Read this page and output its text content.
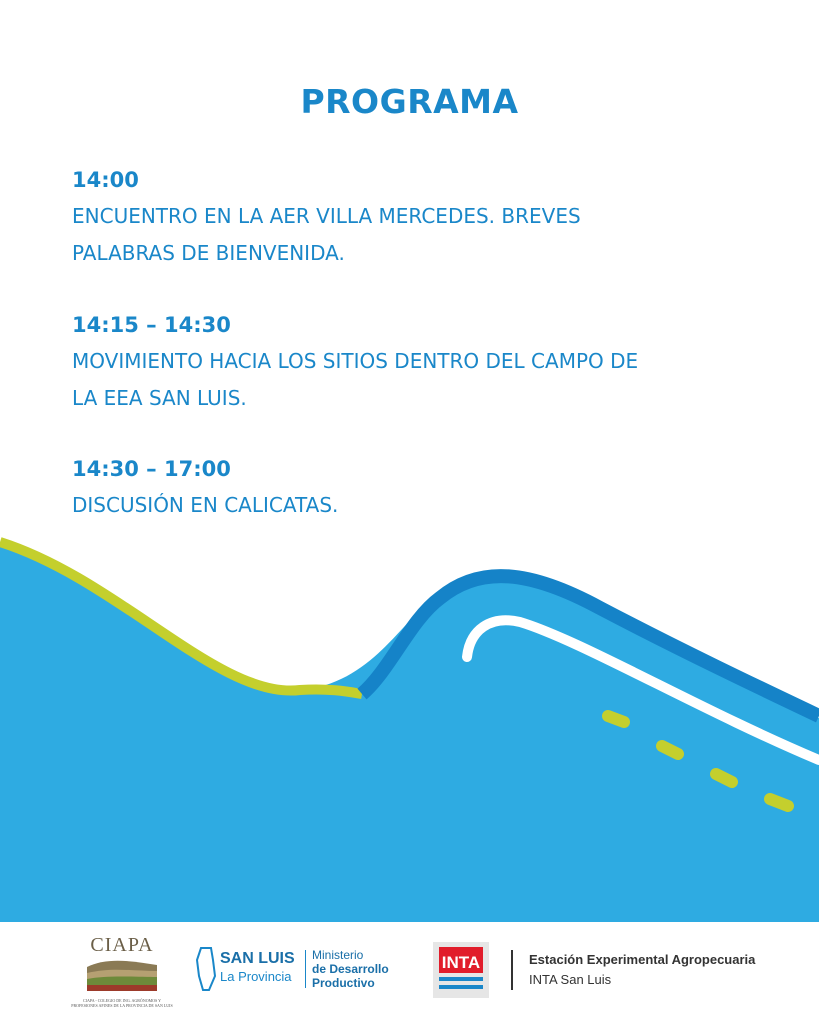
PROGRAMA
14:00
ENCUENTRO EN LA AER VILLA MERCEDES. BREVES
PALABRAS DE BIENVENIDA.
14:15 – 14:30
MOVIMIENTO HACIA LOS SITIOS DENTRO DEL CAMPO DE
LA EEA SAN LUIS.
14:30 – 17:00
DISCUSIÓN EN CALICATAS.
CIAPA
CIAPA - COLEGIO DE ING. AGRÓNOMOS Y
PROFESIONES AFINES DE LA PROVINCIA DE SAN LUIS
SAN LUIS
La Provincia
Ministerio
de Desarrollo
Productivo
INTA	Estación Experimental Agropecuaria
INTA San Luis
